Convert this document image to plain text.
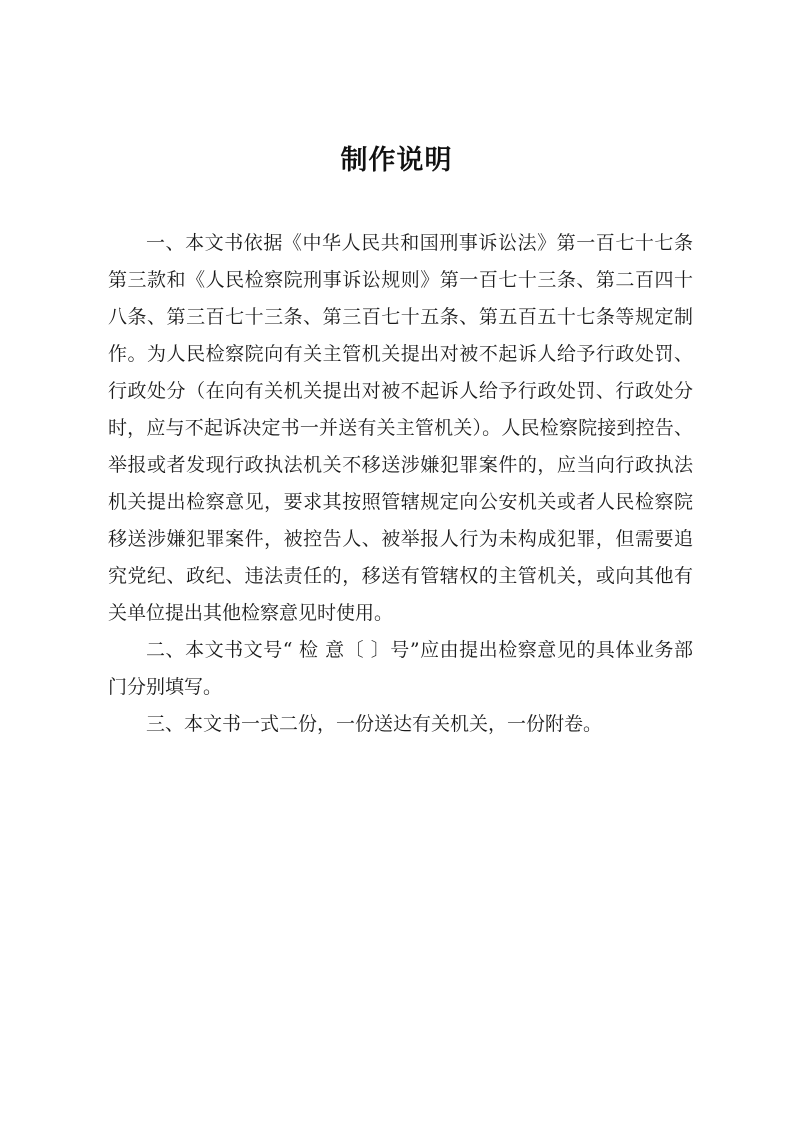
制作说明

一、本文书依据《中华人民共和国刑事诉讼法》第一百七十七条第三款和《人民检察院刑事诉讼规则》第一百七十三条、第二百四十八条、第三百七十三条、第三百七十五条、第五百五十七条等规定制作。为人民检察院向有关主管机关提出对被不起诉人给予行政处罚、行政处分（在向有关机关提出对被不起诉人给予行政处罚、行政处分时，应与不起诉决定书一并送有关主管机关）。人民检察院接到控告、举报或者发现行政执法机关不移送涉嫌犯罪案件的，应当向行政执法机关提出检察意见，要求其按照管辖规定向公安机关或者人民检察院移送涉嫌犯罪案件，被控告人、被举报人行为未构成犯罪，但需要追究党纪、政纪、违法责任的，移送有管辖权的主管机关，或向其他有关单位提出其他检察意见时使用。

二、本文书文号“ 检 意〔 〕号”应由提出检察意见的具体业务部门分别填写。

三、本文书一式二份，一份送达有关机关，一份附卷。
